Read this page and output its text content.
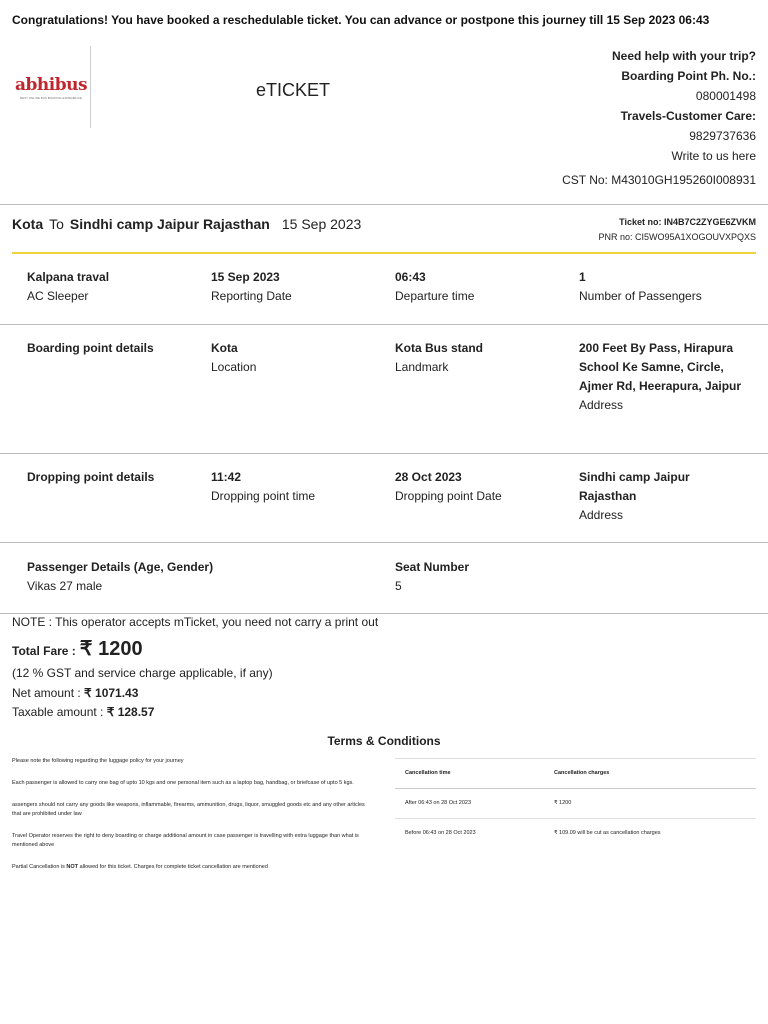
Congratulations! You have booked a reschedulable ticket. You can advance or postpone this journey till 15 Sep 2023 06:43
abhibus
BEST ONLINE BUS BOOKING EXPERIENCE	eTICKET
Need help with your trip?
Boarding Point Ph. No.:
080001498
Travels-Customer Care:
9829737636
Write to us here
CST No: M43010GH195260I008931
Kota To Sindhi camp Jaipur Rajasthan 15 Sep 2023	Ticket no: IN4B7C2ZYGE6ZVKM
PNR no: CI5WO95A1XOGOUVXPQXS
Kalpana traval
AC Sleeper
15 Sep 2023
Reporting Date
06:43
Departure time
1
Number of Passengers
Boarding point details	Kota
Location
Kota Bus stand
Landmark
200 Feet By Pass, Hirapura School Ke Samne, Circle, Ajmer Rd, Heerapura, Jaipur
Address
Dropping point details	11:42
Dropping point time
28 Oct 2023
Dropping point Date
Sindhi camp Jaipur Rajasthan
Address
Passenger Details (Age, Gender)
Vikas 27 male
Seat Number
5
NOTE : This operator accepts mTicket, you need not carry a print out
Total Fare : ₹ 1200
(12 % GST and service charge applicable, if any)
Net amount : ₹ 1071.43
Taxable amount : ₹ 128.57
Terms & Conditions

Please note the following regarding the luggage policy for your journey

Each passenger is allowed to carry one bag of upto 10 kgs and one personal item such as a laptop bag, handbag, or briefcase of upto 5 kgs.

assengers should not carry any goods like weapons, inflammable, firearms, ammunition, drugs, liquor, smuggled goods etc and any other articles that are prohibited under law

Travel Operator reserves the right to deny boarding or charge additional amount in case passenger is travelling with extra luggage than what is mentioned above

Partial Cancellation is NOT allowed for this ticket. Charges for complete ticket cancellation are mentioned

Cancellation time	Cancellation charges
After 06:43 on 28 Oct 2023	₹ 1200
Before 06:43 on 28 Oct 2023	₹ 109.09 will be cut as cancellation charges
